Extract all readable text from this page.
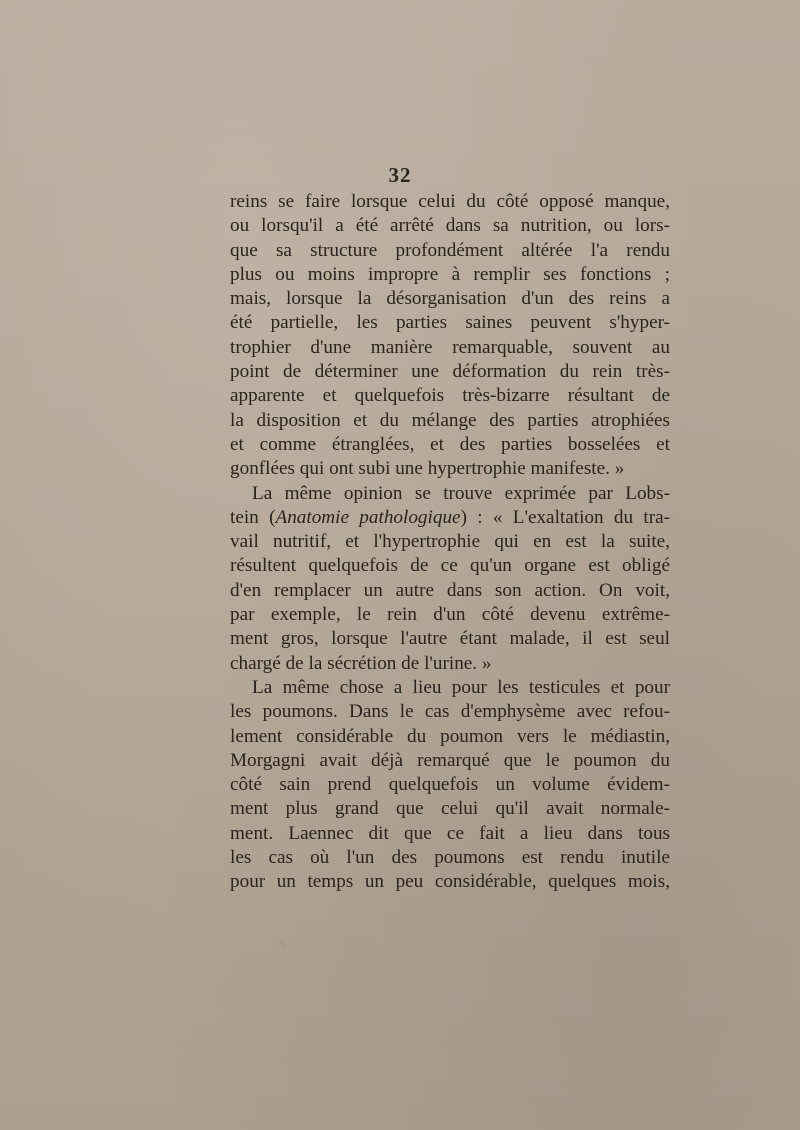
32
reins se faire lorsque celui du côté opposé manque,
ou lorsqu'il a été arrêté dans sa nutrition, ou lors-
que sa structure profondément altérée l'a rendu
plus ou moins impropre à remplir ses fonctions ;
mais, lorsque la désorganisation d'un des reins a
été partielle, les parties saines peuvent s'hyper-
trophier d'une manière remarquable, souvent au
point de déterminer une déformation du rein très-
apparente et quelquefois très-bizarre résultant de
la disposition et du mélange des parties atrophiées
et comme étranglées, et des parties bosselées et
gonflées qui ont subi une hypertrophie manifeste. »
La même opinion se trouve exprimée par Lobs-
tein (Anatomie pathologique) : « L'exaltation du tra-
vail nutritif, et l'hypertrophie qui en est la suite,
résultent quelquefois de ce qu'un organe est obligé
d'en remplacer un autre dans son action. On voit,
par exemple, le rein d'un côté devenu extrême-
ment gros, lorsque l'autre étant malade, il est seul
chargé de la sécrétion de l'urine. »
La même chose a lieu pour les testicules et pour
les poumons. Dans le cas d'emphysème avec refou-
lement considérable du poumon vers le médiastin,
Morgagni avait déjà remarqué que le poumon du
côté sain prend quelquefois un volume évidem-
ment plus grand que celui qu'il avait normale-
ment. Laennec dit que ce fait a lieu dans tous
les cas où l'un des poumons est rendu inutile
pour un temps un peu considérable, quelques mois,
3	3
